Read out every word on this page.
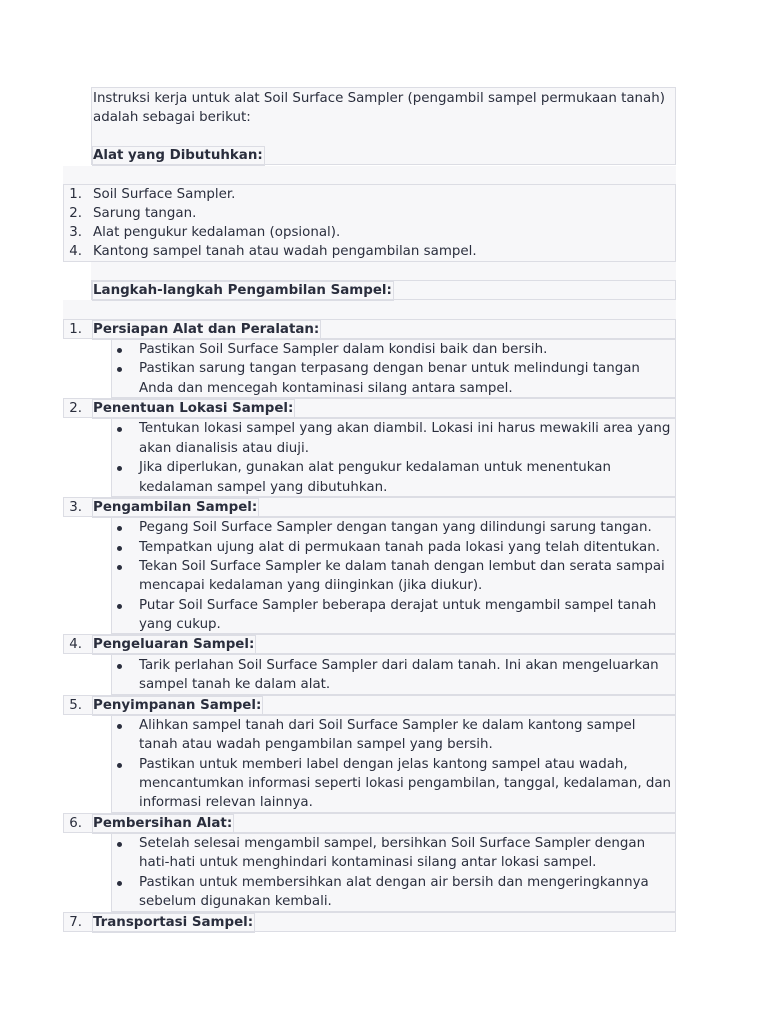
Instruksi kerja untuk alat Soil Surface Sampler (pengambil sampel permukaan tanah)
adalah sebagai berikut:
Alat yang Dibutuhkan:
1. Soil Surface Sampler.
2. Sarung tangan.
3. Alat pengukur kedalaman (opsional).
4. Kantong sampel tanah atau wadah pengambilan sampel.
Langkah-langkah Pengambilan Sampel:
1. Persiapan Alat dan Peralatan:
Pastikan Soil Surface Sampler dalam kondisi baik dan bersih.
Pastikan sarung tangan terpasang dengan benar untuk melindungi tangan
Anda dan mencegah kontaminasi silang antara sampel.
2. Penentuan Lokasi Sampel:
Tentukan lokasi sampel yang akan diambil. Lokasi ini harus mewakili area yang
akan dianalisis atau diuji.
Jika diperlukan, gunakan alat pengukur kedalaman untuk menentukan
kedalaman sampel yang dibutuhkan.
3. Pengambilan Sampel:
Pegang Soil Surface Sampler dengan tangan yang dilindungi sarung tangan.
Tempatkan ujung alat di permukaan tanah pada lokasi yang telah ditentukan.
Tekan Soil Surface Sampler ke dalam tanah dengan lembut dan serata sampai
mencapai kedalaman yang diinginkan (jika diukur).
Putar Soil Surface Sampler beberapa derajat untuk mengambil sampel tanah
yang cukup.
4. Pengeluaran Sampel:
Tarik perlahan Soil Surface Sampler dari dalam tanah. Ini akan mengeluarkan
sampel tanah ke dalam alat.
5. Penyimpanan Sampel:
Alihkan sampel tanah dari Soil Surface Sampler ke dalam kantong sampel
tanah atau wadah pengambilan sampel yang bersih.
Pastikan untuk memberi label dengan jelas kantong sampel atau wadah,
mencantumkan informasi seperti lokasi pengambilan, tanggal, kedalaman, dan
informasi relevan lainnya.
6. Pembersihan Alat:
Setelah selesai mengambil sampel, bersihkan Soil Surface Sampler dengan
hati-hati untuk menghindari kontaminasi silang antar lokasi sampel.
Pastikan untuk membersihkan alat dengan air bersih dan mengeringkannya
sebelum digunakan kembali.
7. Transportasi Sampel:
